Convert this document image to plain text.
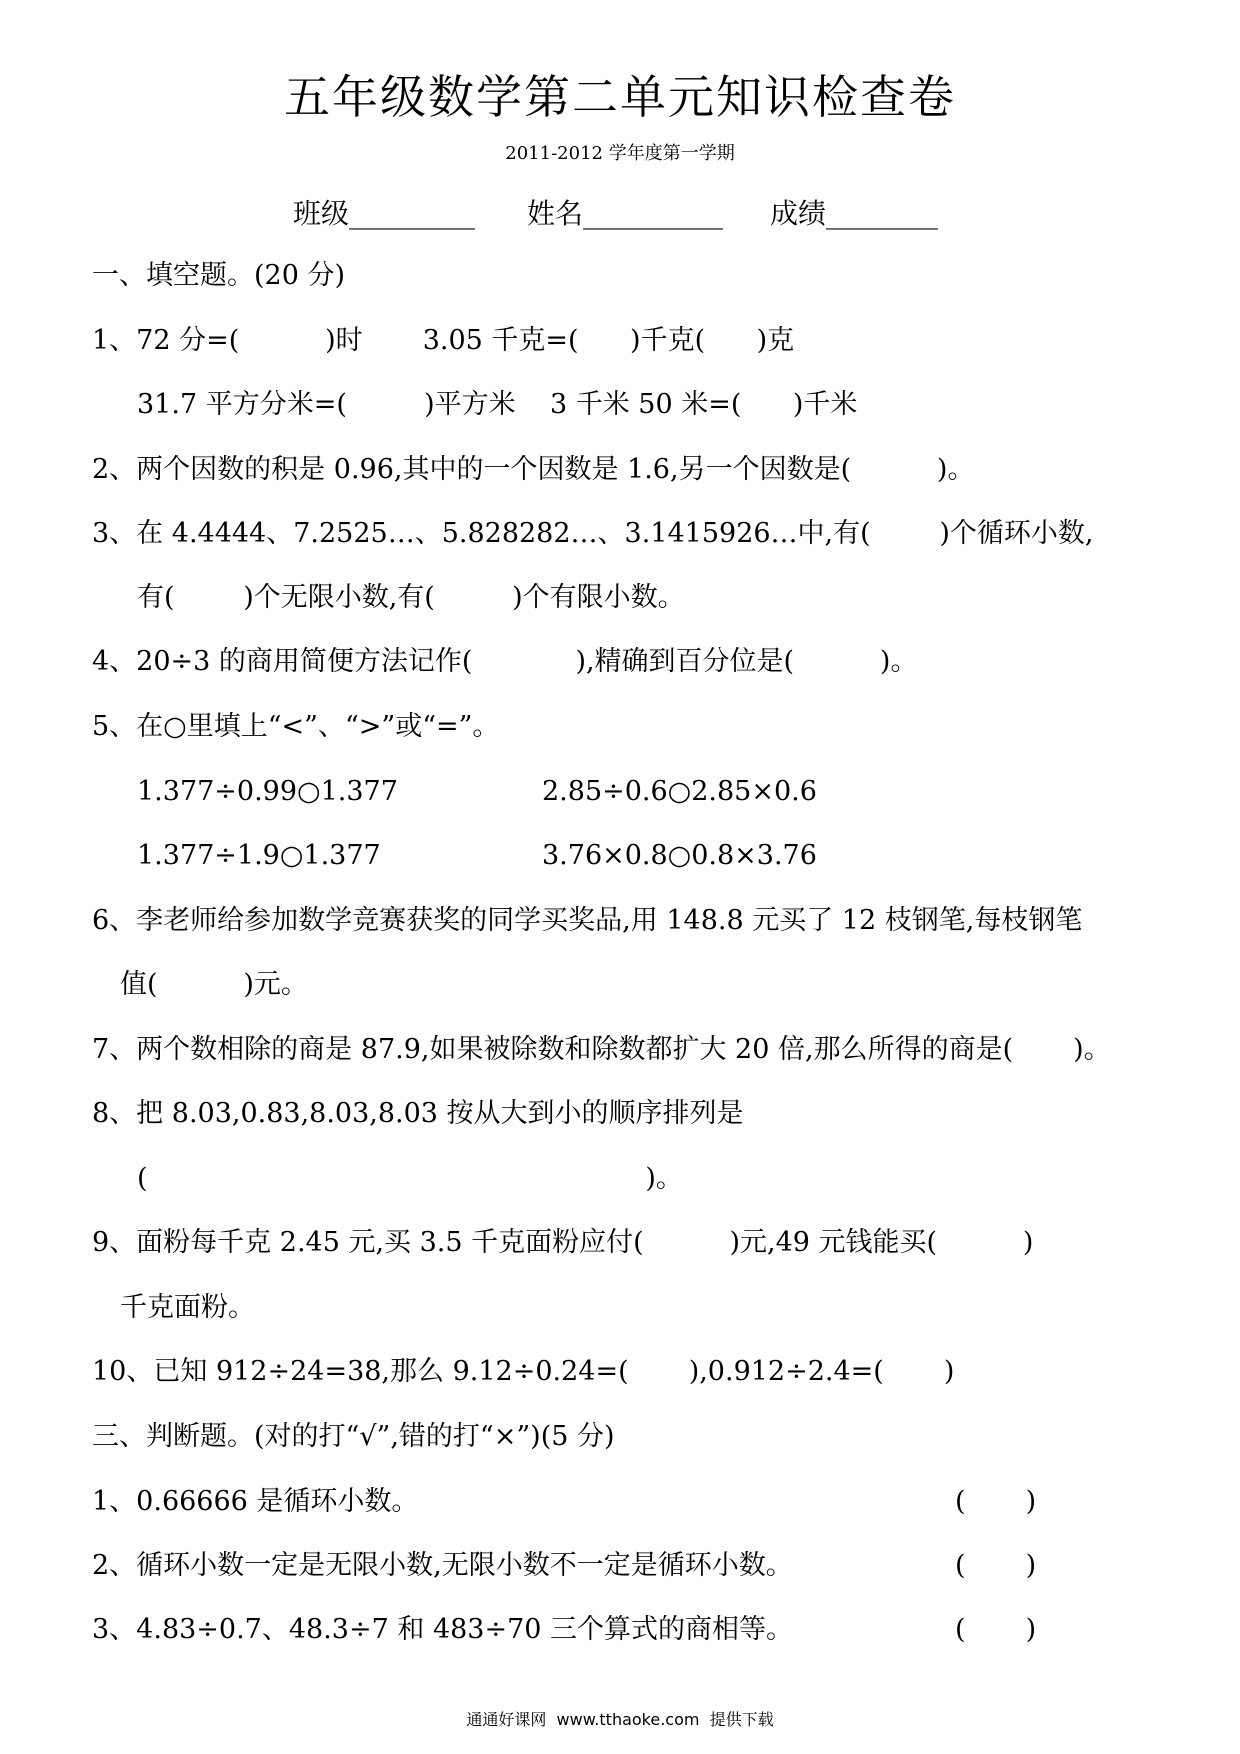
五年级数学第二单元知识检查卷
2011-2012 学年度第一学期
班级_________ 姓名__________ 成绩________
一、填空题。(20 分)
1、72 分=(          )时       3.05 千克=(      )千克(      )克
31.7 平方分米=(         )平方米    3 千米 50 米=(      )千米
2、两个因数的积是 0.96,其中的一个因数是 1.6,另一个因数是(          )。
3、在 4.4444、7.2525…、5.828282…、3.1415926…中,有(        )个循环小数,
有(        )个无限小数,有(         )个有限小数。
4、20÷3 的商用简便方法记作(            ),精确到百分位是(          )。
5、在○里填上“<”、“>”或“=”。
1.377÷0.99○1.377	2.85÷0.6○2.85×0.6
1.377÷1.9○1.377	3.76×0.8○0.8×3.76
6、李老师给参加数学竞赛获奖的同学买奖品,用 148.8 元买了 12 枝钢笔,每枝钢笔
值(          )元。
7、两个数相除的商是 87.9,如果被除数和除数都扩大 20 倍,那么所得的商是(       )。
8、把 8.03,0.83,8.03,8.03 按从大到小的顺序排列是
(                                                          )。
9、面粉每千克 2.45 元,买 3.5 千克面粉应付(          )元,49 元钱能买(          )
千克面粉。
10、已知 912÷24=38,那么 9.12÷0.24=(       ),0.912÷2.4=(       )
三、判断题。(对的打“√”,错的打“×”)(5 分)
1、0.66666 是循环小数。	(       )
2、循环小数一定是无限小数,无限小数不一定是循环小数。	(       )
3、4.83÷0.7、48.3÷7 和 483÷70 三个算式的商相等。	(       )
通通好课网  www.tthaoke.com  提供下载
